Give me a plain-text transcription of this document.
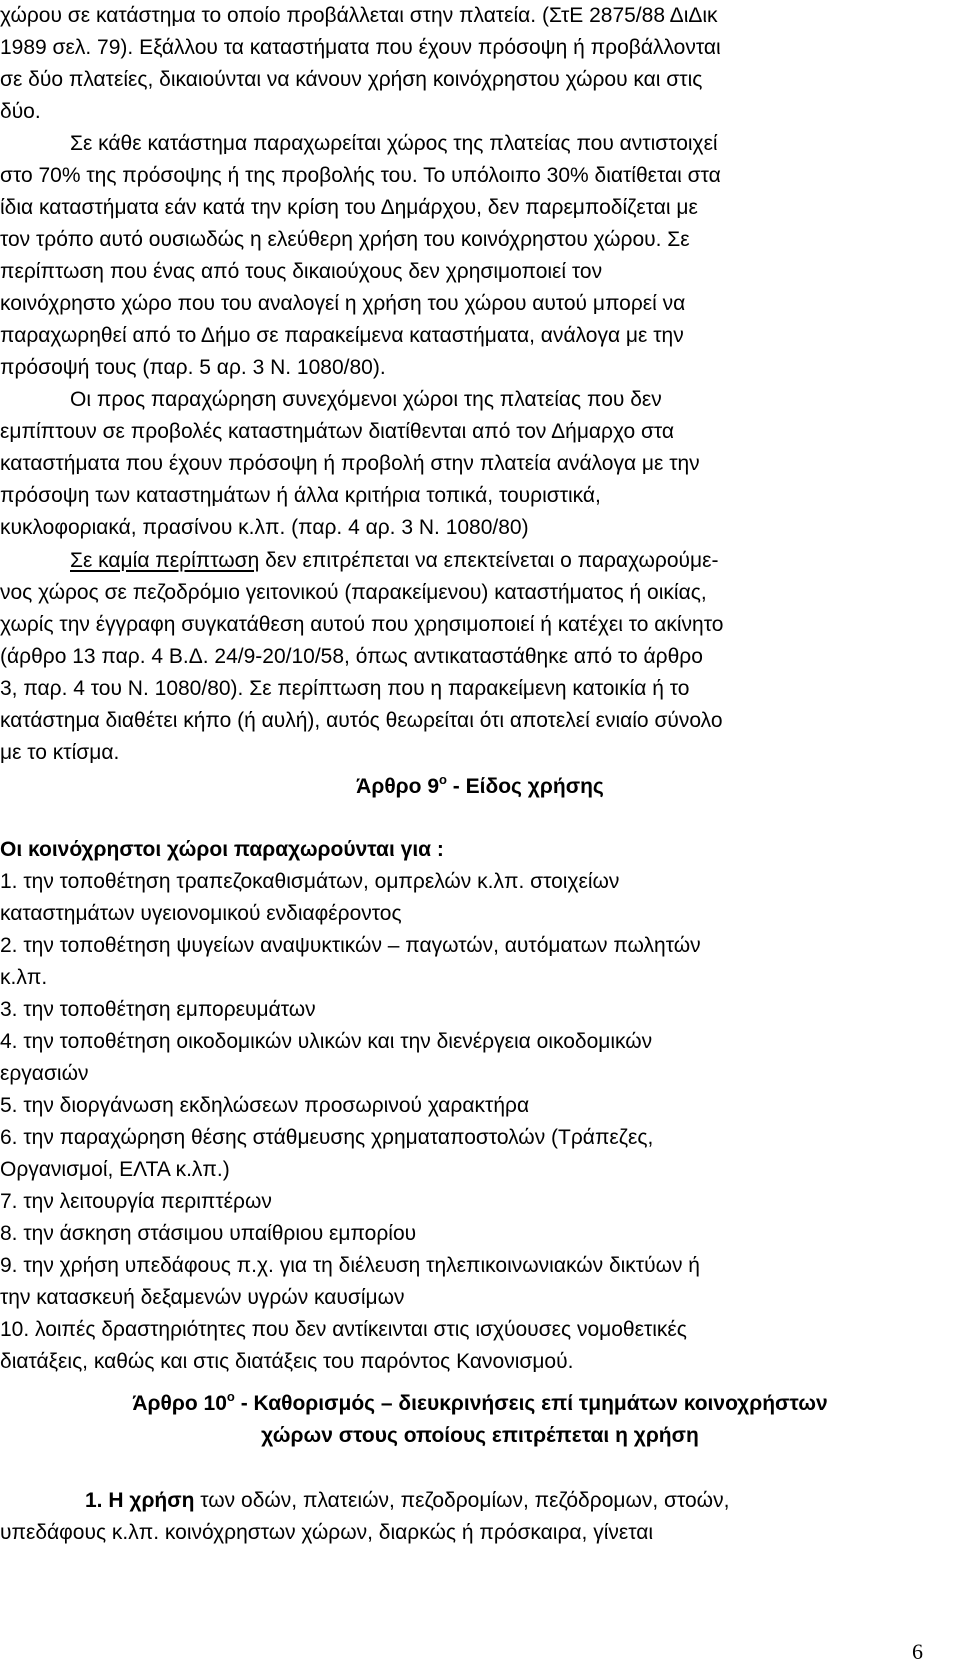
χώρου σε κατάστημα το οποίο προβάλλεται στην πλατεία. (ΣτΕ 2875/88 ΔιΔικ
1989 σελ. 79). Εξάλλου τα καταστήματα που έχουν πρόσοψη ή προβάλλονται
σε δύο πλατείες, δικαιούνται να κάνουν χρήση κοινόχρηστου χώρου και στις
δύο.
Σε κάθε κατάστημα παραχωρείται χώρος της πλατείας που αντιστοιχεί
στο 70% της πρόσοψης ή της προβολής του. Το υπόλοιπο 30% διατίθεται στα
ίδια καταστήματα εάν κατά την κρίση του Δημάρχου, δεν παρεμποδίζεται με
τον τρόπο αυτό ουσιωδώς η ελεύθερη χρήση του κοινόχρηστου χώρου. Σε
περίπτωση που ένας από τους δικαιούχους δεν χρησιμοποιεί τον
κοινόχρηστο χώρο που του αναλογεί η χρήση του χώρου αυτού μπορεί να
παραχωρηθεί από το Δήμο σε παρακείμενα καταστήματα, ανάλογα με την
πρόσοψή τους (παρ. 5 αρ. 3 Ν. 1080/80).
Οι προς παραχώρηση συνεχόμενοι χώροι της πλατείας που δεν
εμπίπτουν σε προβολές καταστημάτων διατίθενται από τον Δήμαρχο στα
καταστήματα που έχουν πρόσοψη ή προβολή στην πλατεία ανάλογα με την
πρόσοψη των καταστημάτων ή άλλα κριτήρια τοπικά, τουριστικά,
κυκλοφοριακά, πρασίνου κ.λπ. (παρ. 4 αρ. 3 Ν. 1080/80)
Σε καμία περίπτωση δεν επιτρέπεται να επεκτείνεται ο παραχωρούμε-
νος χώρος σε πεζοδρόμιο γειτονικού (παρακείμενου) καταστήματος ή οικίας,
χωρίς την έγγραφη συγκατάθεση αυτού που χρησιμοποιεί ή κατέχει το ακίνητο
(άρθρο 13 παρ. 4 Β.Δ. 24/9-20/10/58, όπως αντικαταστάθηκε από το άρθρο
3, παρ. 4 του Ν. 1080/80). Σε περίπτωση που η παρακείμενη κατοικία ή το
κατάστημα διαθέτει κήπο (ή αυλή), αυτός θεωρείται ότι αποτελεί ενιαίο σύνολο
με το κτίσμα.
Άρθρο $9^o$ - Είδος χρήσης
Οι κοινόχρηστοι χώροι παραχωρούνται για :
1. την τοποθέτηση τραπεζοκαθισμάτων, ομπρελών κ.λπ. στοιχείων
καταστημάτων υγειονομικού ενδιαφέροντος
2. την τοποθέτηση ψυγείων αναψυκτικών – παγωτών, αυτόματων πωλητών
κ.λπ.
3. την τοποθέτηση εμπορευμάτων
4. την τοποθέτηση οικοδομικών υλικών και την διενέργεια οικοδομικών
εργασιών
5. την διοργάνωση εκδηλώσεων προσωρινού χαρακτήρα
6. την παραχώρηση θέσης στάθμευσης χρηματαποστολών (Τράπεζες,
Οργανισμοί, ΕΛΤΑ κ.λπ.)
7. την λειτουργία περιπτέρων
8. την άσκηση στάσιμου υπαίθριου εμπορίου
9. την χρήση υπεδάφους π.χ. για τη διέλευση τηλεπικοινωνιακών δικτύων ή
την κατασκευή δεξαμενών υγρών καυσίμων
10. λοιπές δραστηριότητες που δεν αντίκεινται στις ισχύουσες νομοθετικές
διατάξεις, καθώς και στις διατάξεις του παρόντος Κανονισμού.
Άρθρο $10^o$ - Καθορισμός – διευκρινήσεις επί τμημάτων κοινοχρήστων
χώρων στους οποίους επιτρέπεται η χρήση
1. Η χρήση των οδών, πλατειών, πεζοδρομίων, πεζόδρομων, στοών,
υπεδάφους κ.λπ. κοινόχρηστων χώρων, διαρκώς ή πρόσκαιρα, γίνεται
6
